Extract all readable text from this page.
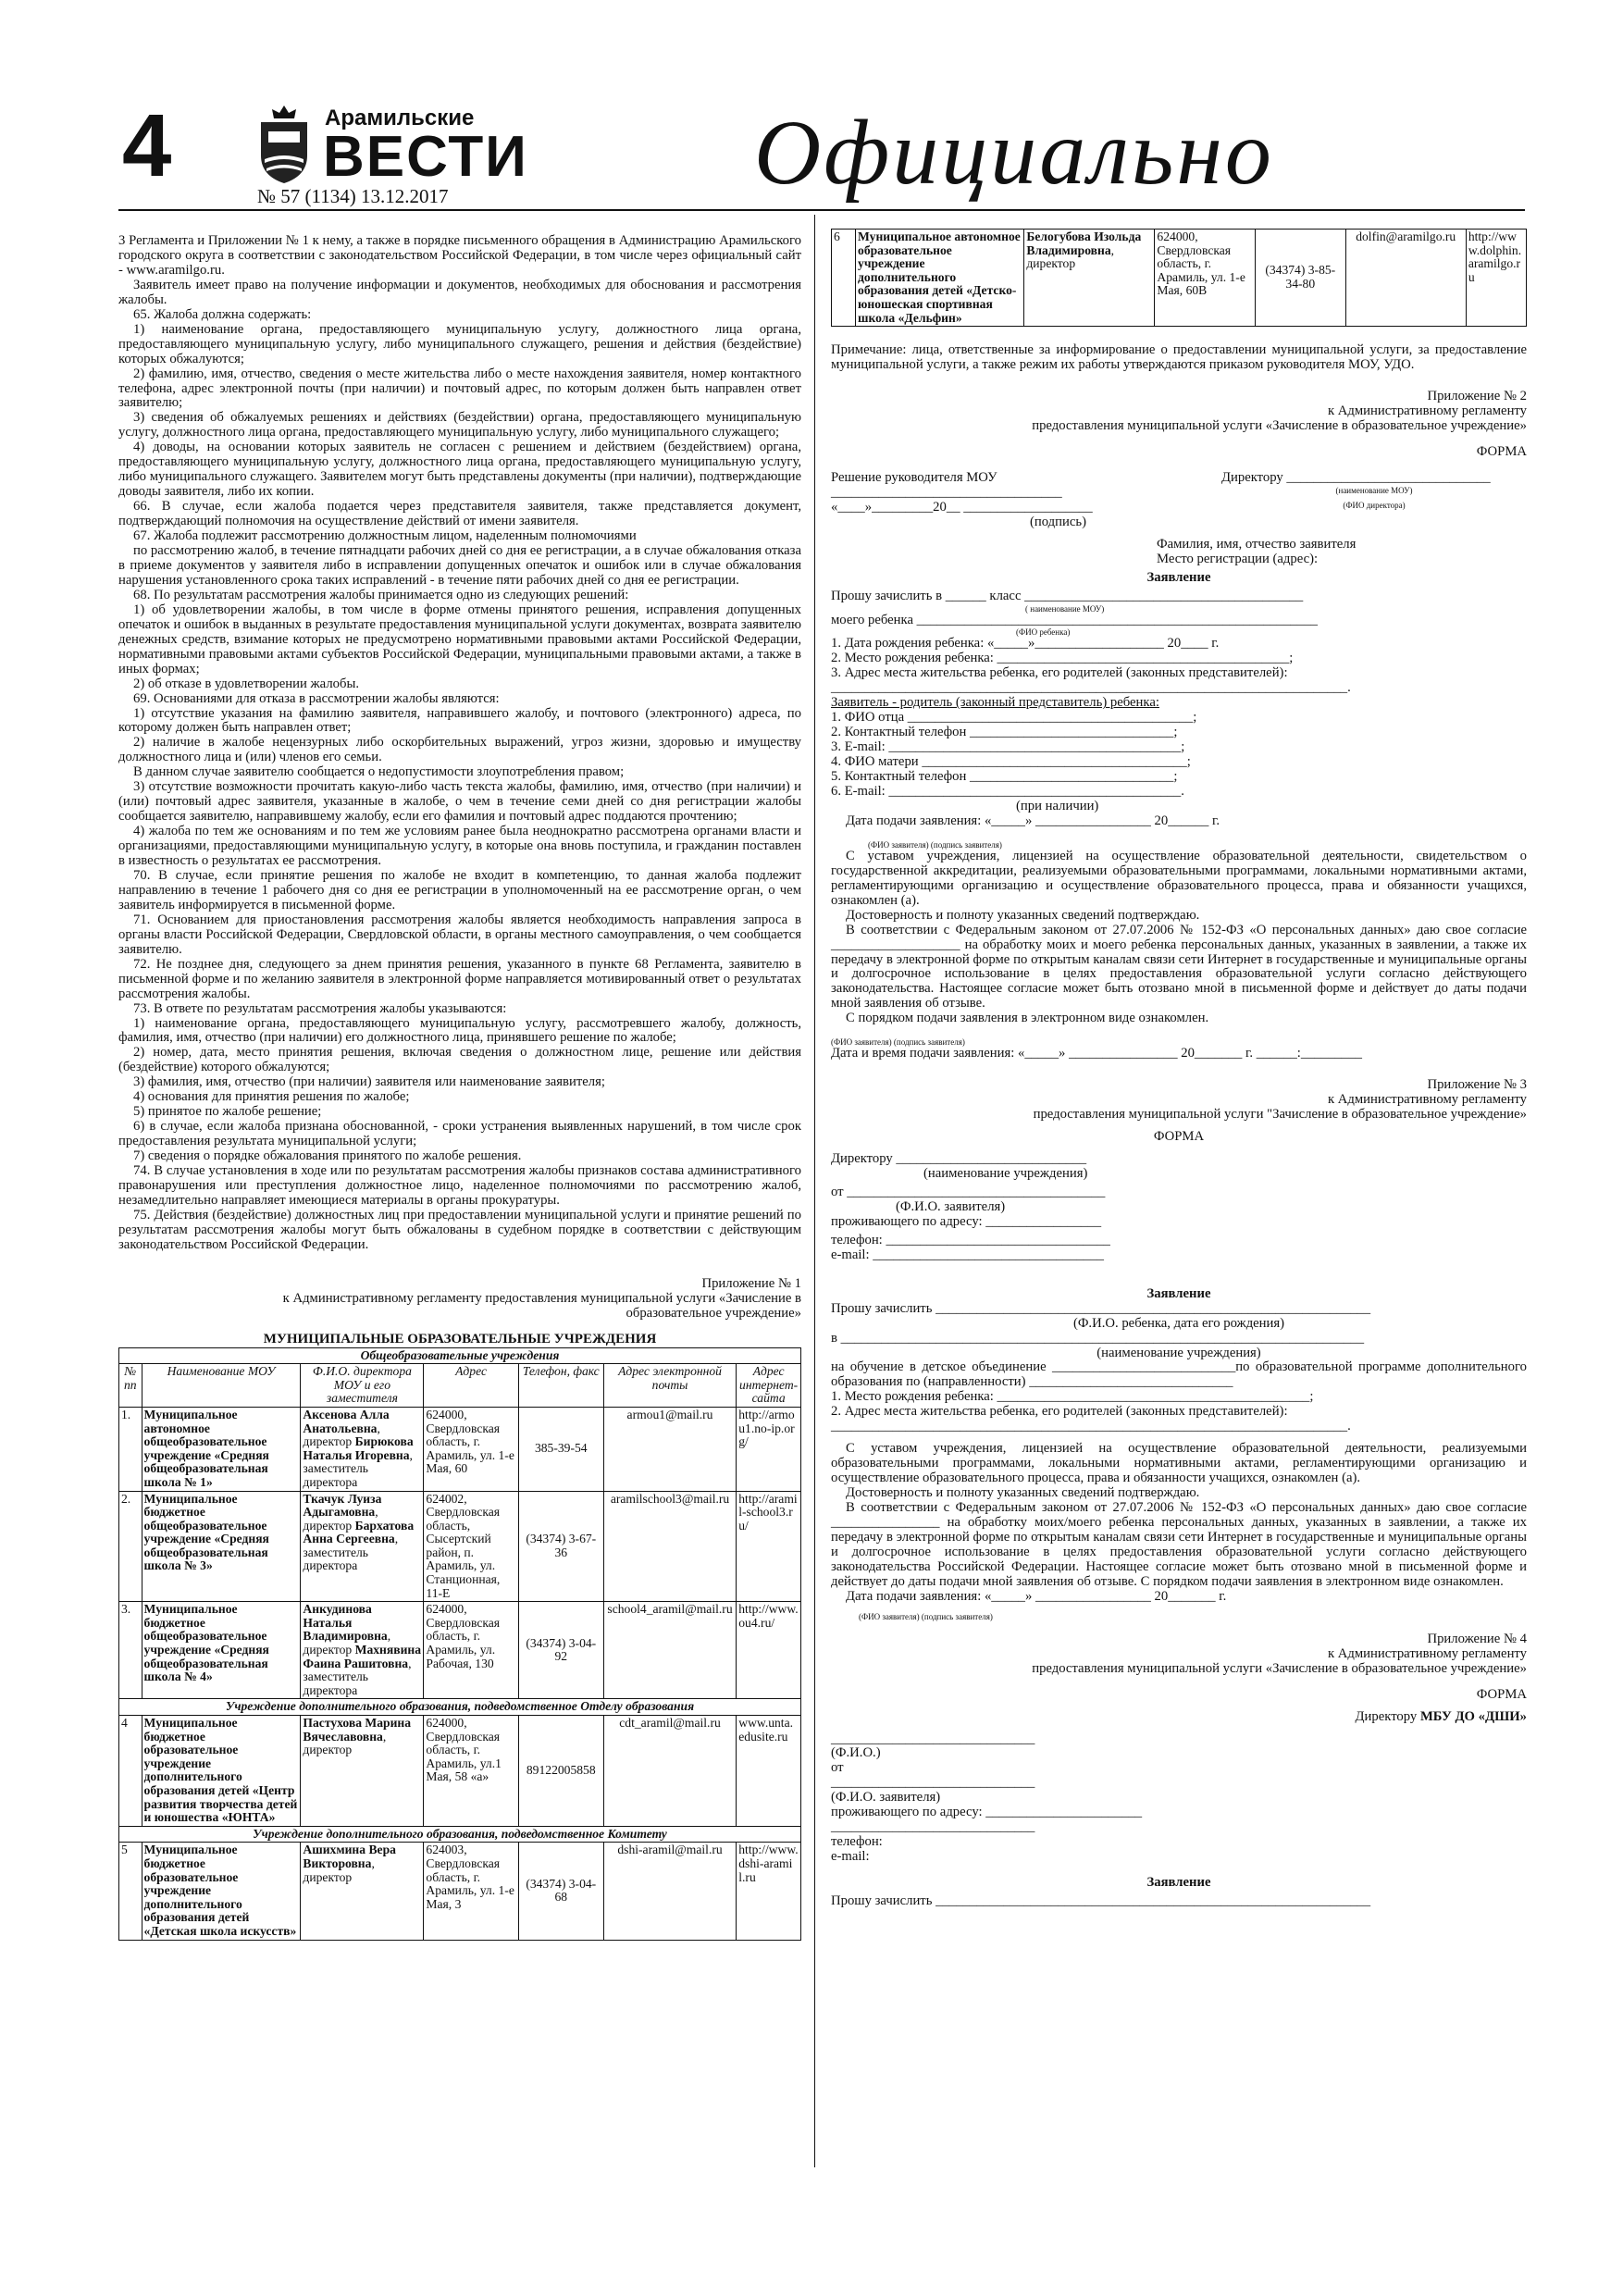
4	Арамильские
ВЕСТИ
№ 57 (1134) 13.12.2017	Официально

3 Регламента и Приложении № 1 к нему, а также в порядке письменного обращения в Администрацию Арамильского городского округа в соответствии с законодательством Российской Федерации, в том числе через официальный сайт - www.aramilgo.ru.

Заявитель имеет право на получение информации и документов, необходимых для обоснования и рассмотрения жалобы.

65. Жалоба должна содержать:

1) наименование органа, предоставляющего муниципальную услугу, должностного лица органа, предоставляющего муниципальную услугу, либо муниципального служащего, решения и действия (бездействие) которых обжалуются;

2) фамилию, имя, отчество, сведения о месте жительства либо о месте нахождения заявителя, номер контактного телефона, адрес электронной почты (при наличии) и почтовый адрес, по которым должен быть направлен ответ заявителю;

3) сведения об обжалуемых решениях и действиях (бездействии) органа, предоставляющего муниципальную услугу, должностного лица органа, предоставляющего муниципальную услугу, либо муниципального служащего;

4) доводы, на основании которых заявитель не согласен с решением и действием (бездействием) органа, предоставляющего муниципальную услугу, должностного лица органа, предоставляющего муниципальную услугу, либо муниципального служащего. Заявителем могут быть представлены документы (при наличии), подтверждающие доводы заявителя, либо их копии.

66. В случае, если жалоба подается через представителя заявителя, также представляется документ, подтверждающий полномочия на осуществление действий от имени заявителя.

67. Жалоба подлежит рассмотрению должностным лицом, наделенным полномочиями

по рассмотрению жалоб, в течение пятнадцати рабочих дней со дня ее регистрации, а в случае обжалования отказа в приеме документов у заявителя либо в исправлении допущенных опечаток и ошибок или в случае обжалования нарушения установленного срока таких исправлений - в течение пяти рабочих дней со дня ее регистрации.

68. По результатам рассмотрения жалобы принимается одно из следующих решений:

1) об удовлетворении жалобы, в том числе в форме отмены принятого решения, исправления допущенных опечаток и ошибок в выданных в результате предоставления муниципальной услуги документах, возврата заявителю денежных средств, взимание которых не предусмотрено нормативными правовыми актами Российской Федерации, нормативными правовыми актами субъектов Российской Федерации, муниципальными правовыми актами, а также в иных формах;

2) об отказе в удовлетворении жалобы.

69. Основаниями для отказа в рассмотрении жалобы являются:

1) отсутствие указания на фамилию заявителя, направившего жалобу, и почтового (электронного) адреса, по которому должен быть направлен ответ;

2) наличие в жалобе нецензурных либо оскорбительных выражений, угроз жизни, здоровью и имуществу должностного лица и (или) членов его семьи.

В данном случае заявителю сообщается о недопустимости злоупотребления правом;

3) отсутствие возможности прочитать какую-либо часть текста жалобы, фамилию, имя, отчество (при наличии) и (или) почтовый адрес заявителя, указанные в жалобе, о чем в течение семи дней со дня регистрации жалобы сообщается заявителю, направившему жалобу, если его фамилия и почтовый адрес поддаются прочтению;

4) жалоба по тем же основаниям и по тем же условиям ранее была неоднократно рассмотрена органами власти и организациями, предоставляющими муниципальную услугу, в которые она вновь поступила, и гражданин поставлен в известность о результатах ее рассмотрения.

70. В случае, если принятие решения по жалобе не входит в компетенцию, то данная жалоба подлежит направлению в течение 1 рабочего дня со дня ее регистрации в уполномоченный на ее рассмотрение орган, о чем заявитель информируется в письменной форме.

71. Основанием для приостановления рассмотрения жалобы является необходимость направления запроса в органы власти Российской Федерации, Свердловской области, в органы местного самоуправления, о чем сообщается заявителю.

72. Не позднее дня, следующего за днем принятия решения, указанного в пункте 68 Регламента, заявителю в письменной форме и по желанию заявителя в электронной форме направляется мотивированный ответ о результатах рассмотрения жалобы.

73. В ответе по результатам рассмотрения жалобы указываются:

1) наименование органа, предоставляющего муниципальную услугу, рассмотревшего жалобу, должность, фамилия, имя, отчество (при наличии) его должностного лица, принявшего решение по жалобе;

2) номер, дата, место принятия решения, включая сведения о должностном лице, решение или действия (бездействие) которого обжалуются;

3) фамилия, имя, отчество (при наличии) заявителя или наименование заявителя;

4) основания для принятия решения по жалобе;

5) принятое по жалобе решение;

6) в случае, если жалоба признана обоснованной, - сроки устранения выявленных нарушений, в том числе срок предоставления результата муниципальной услуги;

7) сведения о порядке обжалования принятого по жалобе решения.

74. В случае установления в ходе или по результатам рассмотрения жалобы признаков состава административного правонарушения или преступления должностное лицо, наделенное полномочиями по рассмотрению жалоб, незамедлительно направляет имеющиеся материалы в органы прокуратуры.

75. Действия (бездействие) должностных лиц при предоставлении муниципальной услуги и принятие решений по результатам рассмотрения жалобы могут быть обжалованы в судебном порядке в соответствии с действующим законодательством Российской Федерации.

Приложение № 1

к Административному регламенту предоставления муниципальной услуги «Зачисление в

образовательное учреждение»

МУНИЦИПАЛЬНЫЕ ОБРАЗОВАТЕЛЬНЫЕ УЧРЕЖДЕНИЯ

Общеобразовательные учреждения						
№ пп	Наименование МОУ	Ф.И.О. директора МОУ и его заместителя	Адрес	Телефон, факс	Адрес электронной почты	Адрес интернет-сайта
1.	Муниципальное автономное общеобразовательное учреждение «Средняя общеобразовательная школа № 1»	Аксенова Алла Анатольевна, директор Бирюкова Наталья Игоревна, заместитель директора	624000, Свердловская область, г. Арамиль, ул. 1-е Мая, 60	385-39-54	armou1@mail.ru	http://armou1.no-ip.org/
2.	Муниципальное бюджетное общеобразовательное учреждение «Средняя общеобразовательная школа № 3»	Ткачук Луиза Адыгамовна, директор Бархатова Анна Сергеевна, заместитель директора	624002, Свердловская область, Сысертский район, п. Арамиль, ул. Станционная, 11-Е	(34374) 3-67-36	aramilschool3@mail.ru	http://aramil-school3.ru/
3.	Муниципальное бюджетное общеобразовательное учреждение «Средняя общеобразовательная школа № 4»	Анкудинова Наталья Владимировна, директор Махнявина Фаина Рашитовна, заместитель директора	624000, Свердловская область, г. Арамиль, ул. Рабочая, 130	(34374) 3-04-92	school4_aramil@mail.ru	http://www.ou4.ru/
Учреждение дополнительного образования, подведомственное Отделу образования						
4	Муниципальное бюджетное образовательное учреждение дополнительного образования детей «Центр развития творчества детей и юношества «ЮНТА»	Пастухова Марина Вячеславовна, директор	624000, Свердловская область, г. Арамиль, ул.1 Мая, 58 «а»	89122005858	cdt_aramil@mail.ru	www.unta.edusite.ru
Учреждение дополнительного образования, подведомственное Комитету						
5	Муниципальное бюджетное образовательное учреждение дополнительного образования детей «Детская школа искусств»	Ашихмина Вера Викторовна, директор	624003, Свердловская область, г. Арамиль, ул. 1-е Мая, 3	(34374) 3-04-68	dshi-aramil@mail.ru	http://www.dshi-aramil.ru
6	Муниципальное автономное образовательное учреждение дополнительного образования детей «Детско-юношеская спортивная школа «Дельфин»	Белогубова Изольда Владимировна, директор	624000, Свердловская область, г. Арамиль, ул. 1-е Мая, 60В	(34374) 3-85-34-80	dolfin@aramilgo.ru	http://www.dolphin.aramilgo.ru

Примечание: лица, ответственные за информирование о предоставлении муниципальной услуги, за предоставление муниципальной услуги, а также режим их работы утверждаются приказом руководителя МОУ, УДО.

Приложение № 2

к Административному регламенту

предоставления муниципальной услуги «Зачисление в образовательное учреждение»

ФОРМА

Решение руководителя МОУ	Директору ______________________________
__________________________________	(наименование МОУ)
«____»_________20__ ___________________	(ФИО директора)

(подпись)

Фамилия, имя, отчество заявителя

Место регистрации (адрес):

Заявление

Прошу зачислить в ______ класс _________________________________________

( наименование МОУ)

моего ребенка ___________________________________________________________

(ФИО ребенка)

1. Дата рождения ребенка: «_____»___________________ 20____ г.

2. Место рождения ребенка: ___________________________________________;

3. Адрес места жительства ребенка, его родителей (законных представителей):

____________________________________________________________________________.

Заявитель - родитель (законный представитель) ребенка:

1. ФИО отца __________________________________________;

2. Контактный телефон ______________________________;

3. E-mail: ___________________________________________;

4. ФИО матери _______________________________________;

5. Контактный телефон ______________________________;

6. E-mail: ___________________________________________.

(при наличии)

Дата подачи заявления: «_____» _________________ 20______ г.

(ФИО заявителя) (подпись заявителя)

С уставом учреждения, лицензией на осуществление образовательной деятельности, свидетельством о государственной аккредитации, реализуемыми образовательными программами, локальными нормативными актами, регламентирующими организацию и осуществление образовательного процесса, права и обязанности учащихся, ознакомлен (а).

Достоверность и полноту указанных сведений подтверждаю.

В соответствии с Федеральным законом от 27.07.2006 № 152-ФЗ «О персональных данных» даю свое согласие ___________________ на обработку моих и моего ребенка персональных данных, указанных в заявлении, а также их передачу в электронной форме по открытым каналам связи сети Интернет в государственные и муниципальные органы и долгосрочное использование в целях предоставления образовательной услуги согласно действующего законодательства. Настоящее согласие может быть отозвано мной в письменной форме и действует до даты подачи мной заявления об отзыве.

С порядком подачи заявления в электронном виде ознакомлен.

(ФИО заявителя) (подпись заявителя)

Дата и время подачи заявления: «_____» ________________ 20_______ г. ______:_________

Приложение № 3

к Административному регламенту

предоставления муниципальной услуги "Зачисление в образовательное учреждение»

ФОРМА

Директору ____________________________

(наименование учреждения)

от ______________________________________

(Ф.И.О. заявителя)

проживающего по адресу: _________________

телефон: _________________________________

e-mail: __________________________________

Заявление

Прошу зачислить ________________________________________________________________

(Ф.И.О. ребенка, дата его рождения)

в _____________________________________________________________________________

(наименование учреждения)

на обучение в детское объединение ___________________________по образовательной программе дополнительного образования по (направленности) ______________________________

1. Место рождения ребенка: ______________________________________________;

2. Адрес места жительства ребенка, его родителей (законных представителей):

____________________________________________________________________________.

С уставом учреждения, лицензией на осуществление образовательной деятельности, реализуемыми образовательными программами, локальными нормативными актами, регламентирующими организацию и осуществление образовательного процесса, права и обязанности учащихся, ознакомлен (а).

Достоверность и полноту указанных сведений подтверждаю.

В соответствии с Федеральным законом от 27.07.2006 № 152-ФЗ «О персональных данных» даю свое согласие ________________ на обработку моих/моего ребенка персональных данных, указанных в заявлении, а также их передачу в электронной форме по открытым каналам связи сети Интернет в государственные и муниципальные органы и долгосрочное использование в целях предоставления образовательной услуги согласно действующего законодательства Российской Федерации. Настоящее согласие может быть отозвано мной в письменной форме и действует до даты подачи мной заявления об отзыве. С порядком подачи заявления в электронном виде ознакомлен.

Дата подачи заявления: «_____» _________________ 20_______ г.

(ФИО заявителя) (подпись заявителя)

Приложение № 4

к Административному регламенту

предоставления муниципальной услуги «Зачисление в образовательное учреждение»

ФОРМА

Директору МБУ ДО «ДШИ»

______________________________

(Ф.И.О.)

от

______________________________

(Ф.И.О. заявителя)

проживающего по адресу: _______________________

______________________________

телефон:

e-mail:

Заявление

Прошу зачислить ________________________________________________________________
